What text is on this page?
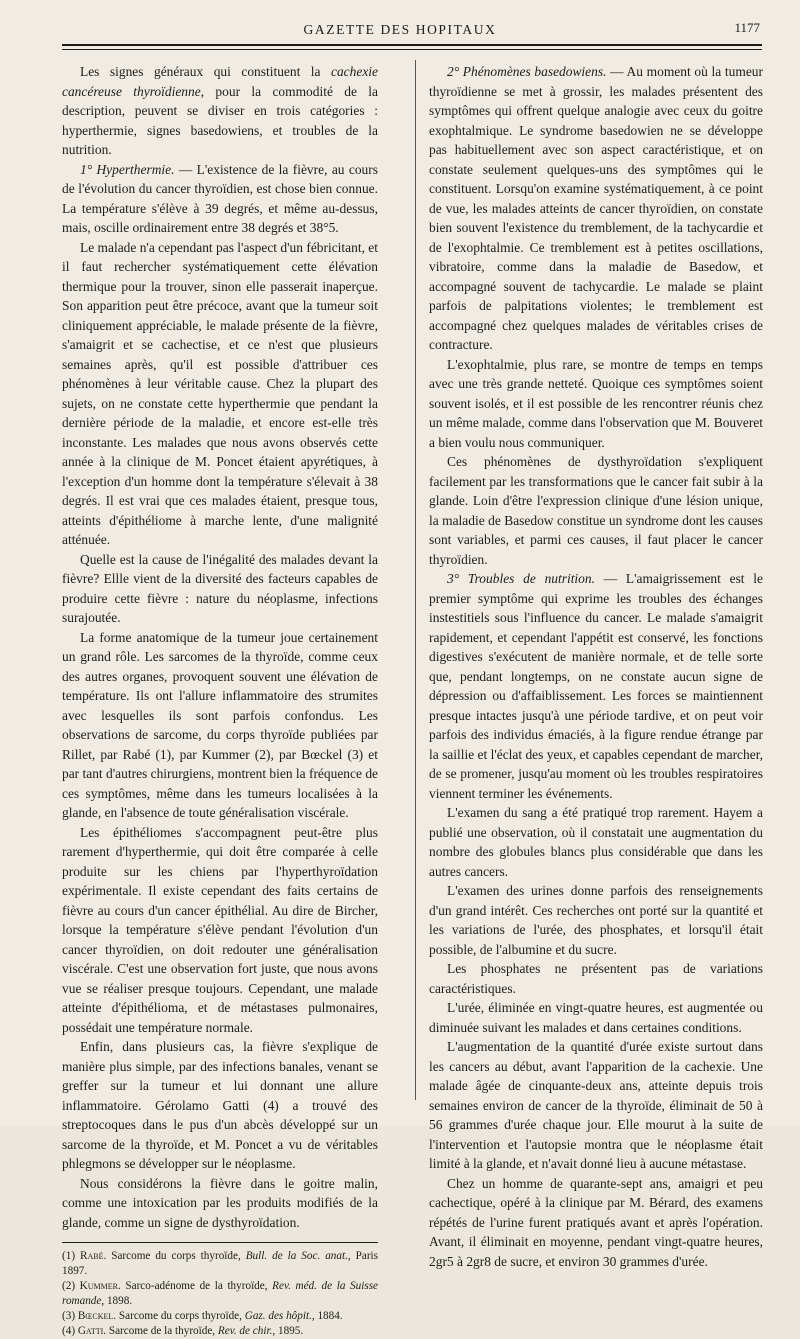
GAZETTE DES HOPITAUX	1177

Les signes généraux qui constituent la cachexie cancéreuse thyroïdienne, pour la commodité de la description, peuvent se diviser en trois catégories : hyperthermie, signes basedowiens, et troubles de la nutrition.

1° Hyperthermie. — L'existence de la fièvre, au cours de l'évolution du cancer thyroïdien, est chose bien connue. La température s'élève à 39 degrés, et même au-dessus, mais, oscille ordinairement entre 38 degrés et 38°5.

Le malade n'a cependant pas l'aspect d'un fébricitant, et il faut rechercher systématiquement cette élévation thermique pour la trouver, sinon elle passerait inaperçue. Son apparition peut être précoce, avant que la tumeur soit cliniquement appréciable, le malade présente de la fièvre, s'amaigrit et se cachectise, et ce n'est que plusieurs semaines après, qu'il est possible d'attribuer ces phénomènes à leur véritable cause. Chez la plupart des sujets, on ne constate cette hyperthermie que pendant la dernière période de la maladie, et encore est-elle très inconstante. Les malades que nous avons observés cette année à la clinique de M. Poncet étaient apyrétiques, à l'exception d'un homme dont la température s'élevait à 38 degrés. Il est vrai que ces malades étaient, presque tous, atteints d'épithéliome à marche lente, d'une malignité atténuée.

Quelle est la cause de l'inégalité des malades devant la fièvre? Ellle vient de la diversité des facteurs capables de produire cette fièvre : nature du néoplasme, infections surajoutée.

La forme anatomique de la tumeur joue certainement un grand rôle. Les sarcomes de la thyroïde, comme ceux des autres organes, provoquent souvent une élévation de température. Ils ont l'allure inflammatoire des strumites avec lesquelles ils sont parfois confondus. Les observations de sarcome, du corps thyroïde publiées par Rillet, par Rabé (1), par Kummer (2), par Bœckel (3) et par tant d'autres chirurgiens, montrent bien la fréquence de ces symptômes, même dans les tumeurs localisées à la glande, en l'absence de toute généralisation viscérale.

Les épithéliomes s'accompagnent peut-être plus rarement d'hyperthermie, qui doit être comparée à celle produite sur les chiens par l'hyperthyroïdation expérimentale. Il existe cependant des faits certains de fièvre au cours d'un cancer épithélial. Au dire de Bircher, lorsque la température s'élève pendant l'évolution d'un cancer thyroïdien, on doit redouter une généralisation viscérale. C'est une observation fort juste, que nous avons vue se réaliser presque toujours. Cependant, une malade atteinte d'épithélioma, et de métastases pulmonaires, possédait une température normale.

Enfin, dans plusieurs cas, la fièvre s'explique de manière plus simple, par des infections banales, venant se greffer sur la tumeur et lui donnant une allure inflammatoire. Gérolamo Gatti (4) a trouvé des streptocoques dans le pus d'un abcès développé sur un sarcome de la thyroïde, et M. Poncet a vu de véritables phlegmons se développer sur le néoplasme.

Nous considérons la fièvre dans le goitre malin, comme une intoxication par les produits modifiés de la glande, comme un signe de dysthyroïdation.

(1) Rabé. Sarcome du corps thyroïde, Bull. de la Soc. anat., Paris 1897.

(2) Kummer. Sarco-adénome de la thyroïde, Rev. méd. de la Suisse romande, 1898.

(3) Bœckel. Sarcome du corps thyroïde, Gaz. des hôpit., 1884.

(4) Gatti. Sarcome de la thyroïde, Rev. de chir., 1895.

2° Phénomènes basedowiens. — Au moment où la tumeur thyroïdienne se met à grossir, les malades présentent des symptômes qui offrent quelque analogie avec ceux du goitre exophtalmique. Le syndrome basedowien ne se développe pas habituellement avec son aspect caractéristique, et on constate seulement quelques-uns des symptômes qui le constituent. Lorsqu'on examine systématiquement, à ce point de vue, les malades atteints de cancer thyroïdien, on constate bien souvent l'existence du tremblement, de la tachycardie et de l'exophtalmie. Ce tremblement est à petites oscillations, vibratoire, comme dans la maladie de Basedow, et accompagné souvent de tachycardie. Le malade se plaint parfois de palpitations violentes; le tremblement est accompagné chez quelques malades de véritables crises de contracture.

L'exophtalmie, plus rare, se montre de temps en temps avec une très grande netteté. Quoique ces symptômes soient souvent isolés, et il est possible de les rencontrer réunis chez un même malade, comme dans l'observation que M. Bouveret a bien voulu nous communiquer.

Ces phénomènes de dysthyroïdation s'expliquent facilement par les transformations que le cancer fait subir à la glande. Loin d'être l'expression clinique d'une lésion unique, la maladie de Basedow constitue un syndrome dont les causes sont variables, et parmi ces causes, il faut placer le cancer thyroïdien.

3° Troubles de nutrition. — L'amaigrissement est le premier symptôme qui exprime les troubles des échanges instestitiels sous l'influence du cancer. Le malade s'amaigrit rapidement, et cependant l'appétit est conservé, les fonctions digestives s'exécutent de manière normale, et de telle sorte que, pendant longtemps, on ne constate aucun signe de dépression ou d'affaiblissement. Les forces se maintiennent presque intactes jusqu'à une période tardive, et on peut voir parfois des individus émaciés, à la figure rendue étrange par la saillie et l'éclat des yeux, et capables cependant de marcher, de se promener, jusqu'au moment où les troubles respiratoires viennent terminer les événements.

L'examen du sang a été pratiqué trop rarement. Hayem a publié une observation, où il constatait une augmentation du nombre des globules blancs plus considérable que dans les autres cancers.

L'examen des urines donne parfois des renseignements d'un grand intérêt. Ces recherches ont porté sur la quantité et les variations de l'urée, des phosphates, et lorsqu'il était possible, de l'albumine et du sucre.

Les phosphates ne présentent pas de variations caractéristiques.

L'urée, éliminée en vingt-quatre heures, est augmentée ou diminuée suivant les malades et dans certaines conditions.

L'augmentation de la quantité d'urée existe surtout dans les cancers au début, avant l'apparition de la cachexie. Une malade âgée de cinquante-deux ans, atteinte depuis trois semaines environ de cancer de la thyroïde, éliminait de 50 à 56 grammes d'urée chaque jour. Elle mourut à la suite de l'intervention et l'autopsie montra que le néoplasme était limité à la glande, et n'avait donné lieu à aucune métastase.

Chez un homme de quarante-sept ans, amaigri et peu cachectique, opéré à la clinique par M. Bérard, des examens répétés de l'urine furent pratiqués avant et après l'opération. Avant, il éliminait en moyenne, pendant vingt-quatre heures, 2gr5 à 2gr8 de sucre, et environ 30 grammes d'urée.
